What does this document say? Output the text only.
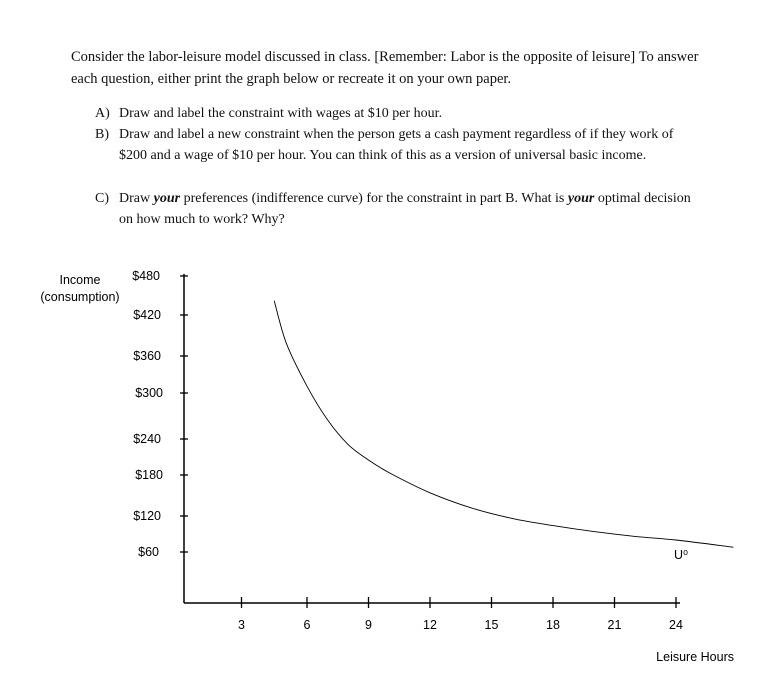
Consider the labor-leisure model discussed in class. [Remember: Labor is the opposite of leisure] To answer each question, either print the graph below or recreate it on your own paper.

A) Draw and label the constraint with wages at $10 per hour.
B) Draw and label a new constraint when the person gets a cash payment regardless of if they work of $200 and a wage of $10 per hour. You can think of this as a version of universal basic income.
C) Draw your preferences (indifference curve) for the constraint in part B. What is your optimal decision on how much to work? Why?
$480
$420
$360
$300
$240
$180
$120
$60
3	6	9	12	15	18	21	24
U⁰
Income
(consumption)
Leisure Hours
